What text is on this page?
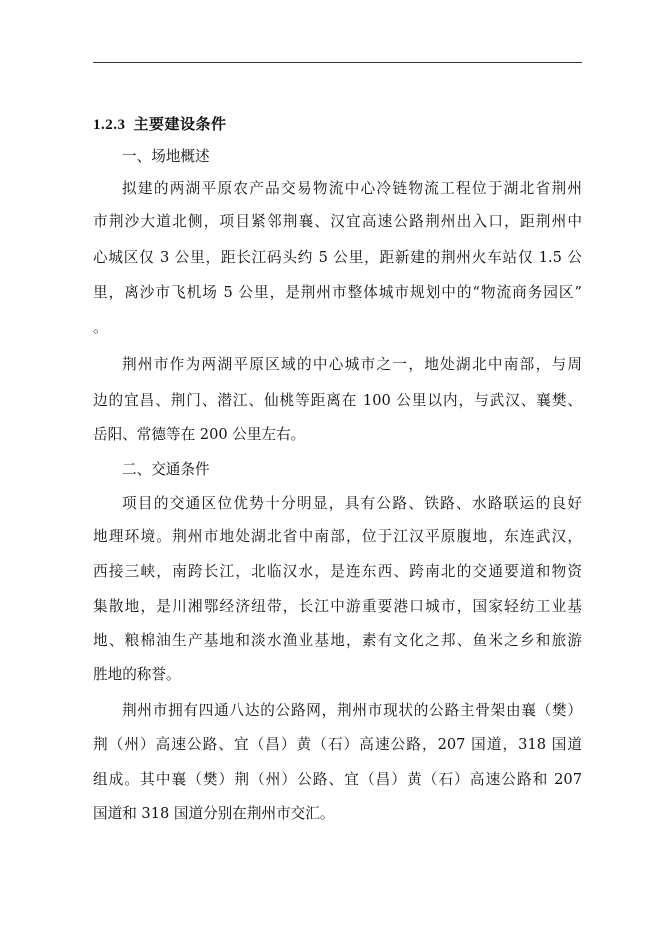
1.2.3 主要建设条件
一、场地概述
拟建的两湖平原农产品交易物流中心冷链物流工程位于湖北省荆州
市荆沙大道北侧，项目紧邻荆襄、汉宜高速公路荆州出入口，距荆州中
心城区仅 3 公里，距长江码头约 5 公里，距新建的荆州火车站仅 1.5 公
里，离沙市飞机场 5 公里，是荆州市整体城市规划中的“物流商务园区”
。
荆州市作为两湖平原区域的中心城市之一，地处湖北中南部，与周
边的宜昌、荆门、潜江、仙桃等距离在 100 公里以内，与武汉、襄樊、
岳阳、常德等在 200 公里左右。
二、交通条件
项目的交通区位优势十分明显，具有公路、铁路、水路联运的良好
地理环境。荆州市地处湖北省中南部，位于江汉平原腹地，东连武汉，
西接三峡，南跨长江，北临汉水，是连东西、跨南北的交通要道和物资
集散地，是川湘鄂经济纽带，长江中游重要港口城市，国家轻纺工业基
地、粮棉油生产基地和淡水渔业基地，素有文化之邦、鱼米之乡和旅游
胜地的称誉。
荆州市拥有四通八达的公路网，荆州市现状的公路主骨架由襄（樊）
荆（州）高速公路、宜（昌）黄（石）高速公路，207 国道，318 国道
组成。其中襄（樊）荆（州）公路、宜（昌）黄（石）高速公路和 207
国道和 318 国道分别在荆州市交汇。
